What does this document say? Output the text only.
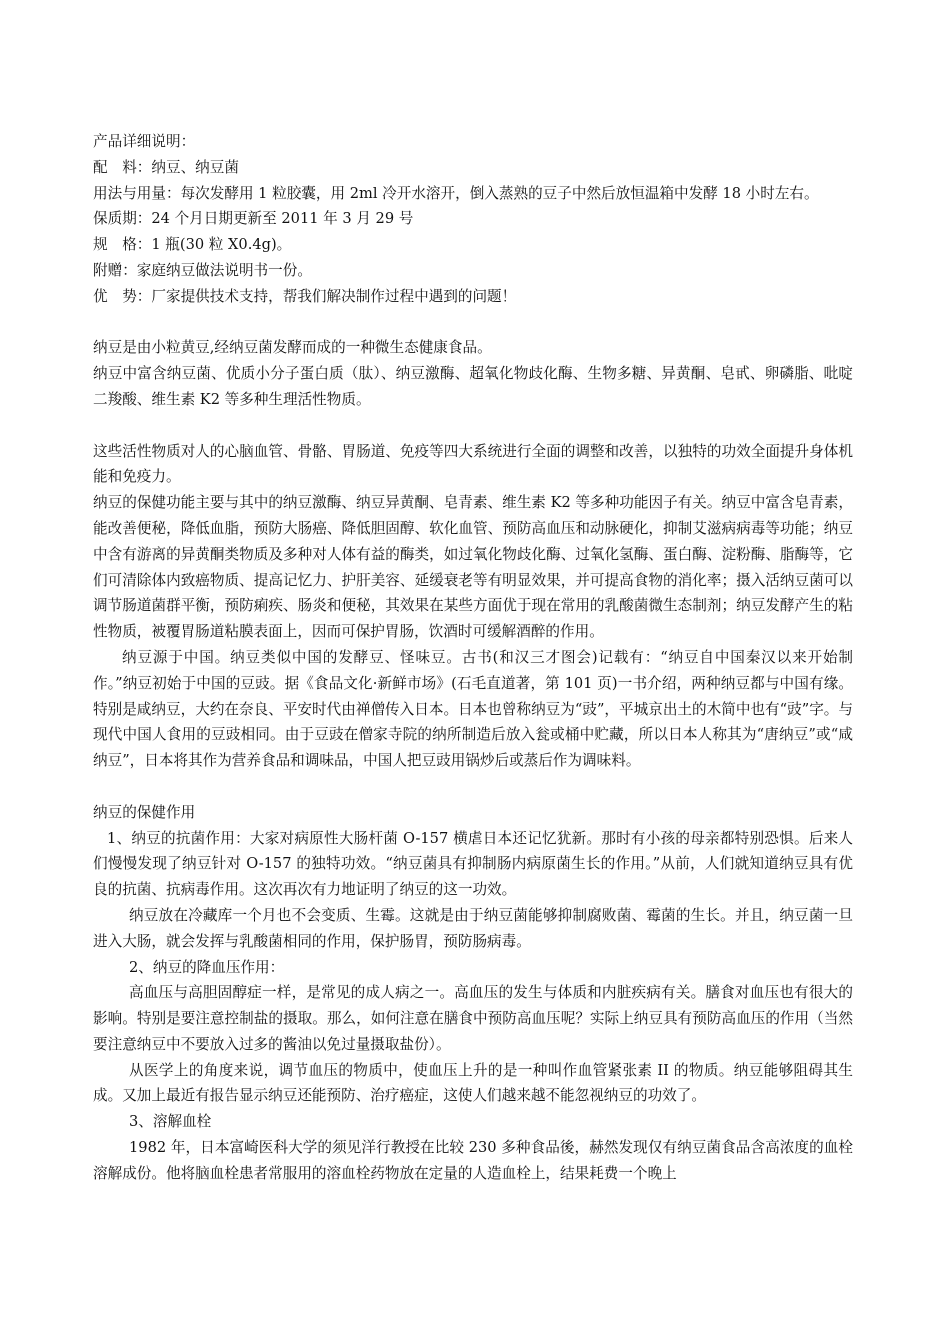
产品详细说明：

配　料：纳豆、纳豆菌

用法与用量：每次发酵用 1 粒胶囊，用 2ml 冷开水溶开，倒入蒸熟的豆子中然后放恒温箱中发酵 18 小时左右。

保质期：24 个月日期更新至 2011 年 3 月 29 号

规　格：1 瓶(30 粒 X0.4g)。

附赠：家庭纳豆做法说明书一份。

优　势：厂家提供技术支持，帮我们解决制作过程中遇到的问题！

纳豆是由小粒黄豆,经纳豆菌发酵而成的一种微生态健康食品。

纳豆中富含纳豆菌、优质小分子蛋白质（肽）、纳豆激酶、超氧化物歧化酶、生物多糖、异黄酮、皂甙、卵磷脂、吡啶二羧酸、维生素 K2 等多种生理活性物质。

这些活性物质对人的心脑血管、骨骼、胃肠道、免疫等四大系统进行全面的调整和改善，以独特的功效全面提升身体机能和免疫力。

纳豆的保健功能主要与其中的纳豆激酶、纳豆异黄酮、皂青素、维生素 K2 等多种功能因子有关。纳豆中富含皂青素，能改善便秘，降低血脂，预防大肠癌、降低胆固醇、软化血管、预防高血压和动脉硬化，抑制艾滋病病毒等功能；纳豆中含有游离的异黄酮类物质及多种对人体有益的酶类，如过氧化物歧化酶、过氧化氢酶、蛋白酶、淀粉酶、脂酶等，它们可清除体内致癌物质、提高记忆力、护肝美容、延缓衰老等有明显效果，并可提高食物的消化率；摄入活纳豆菌可以调节肠道菌群平衡，预防痢疾、肠炎和便秘，其效果在某些方面优于现在常用的乳酸菌微生态制剂；纳豆发酵产生的粘性物质，被覆胃肠道粘膜表面上，因而可保护胃肠，饮酒时可缓解酒醉的作用。

纳豆源于中国。纳豆类似中国的发酵豆、怪味豆。古书(和汉三才图会)记载有：“纳豆自中国秦汉以来开始制作。”纳豆初始于中国的豆豉。据《食品文化·新鲜市场》(石毛直道著，第 101 页)一书介绍，两种纳豆都与中国有缘。特别是咸纳豆，大约在奈良、平安时代由禅僧传入日本。日本也曾称纳豆为“豉”，平城京出土的木简中也有“豉”字。与现代中国人食用的豆豉相同。由于豆豉在僧家寺院的纳所制造后放入瓮或桶中贮藏，所以日本人称其为“唐纳豆”或“咸纳豆”，日本将其作为营养食品和调味品，中国人把豆豉用锅炒后或蒸后作为调味料。

纳豆的保健作用

1、纳豆的抗菌作用：大家对病原性大肠杆菌 O-157 横虐日本还记忆犹新。那时有小孩的母亲都特别恐惧。后来人们慢慢发现了纳豆针对 O-157 的独特功效。“纳豆菌具有抑制肠内病原菌生长的作用。”从前，人们就知道纳豆具有优良的抗菌、抗病毒作用。这次再次有力地证明了纳豆的这一功效。

纳豆放在冷藏库一个月也不会变质、生霉。这就是由于纳豆菌能够抑制腐败菌、霉菌的生长。并且，纳豆菌一旦进入大肠，就会发挥与乳酸菌相同的作用，保护肠胃，预防肠病毒。

2、纳豆的降血压作用：

高血压与高胆固醇症一样，是常见的成人病之一。高血压的发生与体质和内脏疾病有关。膳食对血压也有很大的影响。特别是要注意控制盐的摄取。那么，如何注意在膳食中预防高血压呢？实际上纳豆具有预防高血压的作用（当然要注意纳豆中不要放入过多的酱油以免过量摄取盐份）。

从医学上的角度来说，调节血压的物质中，使血压上升的是一种叫作血管紧张素 II 的物质。纳豆能够阻碍其生成。又加上最近有报告显示纳豆还能预防、治疗癌症，这使人们越来越不能忽视纳豆的功效了。

3、溶解血栓

1982 年，日本富崎医科大学的须见洋行教授在比较 230 多种食品後，赫然发现仅有纳豆菌食品含高浓度的血栓溶解成份。他将脑血栓患者常服用的溶血栓药物放在定量的人造血栓上，结果耗费一个晚上
